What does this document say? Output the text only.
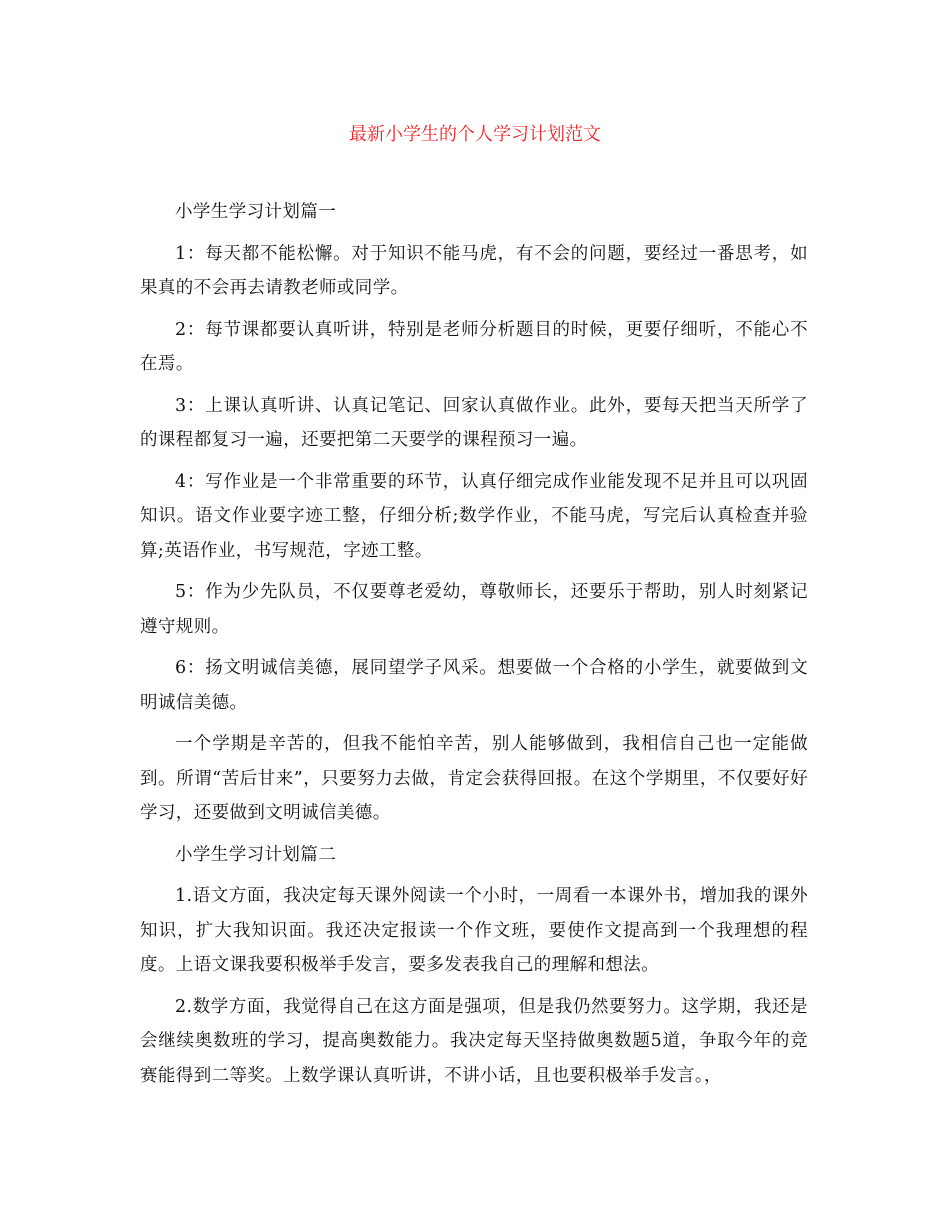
最新小学生的个人学习计划范文

小学生学习计划篇一

1：每天都不能松懈。对于知识不能马虎，有不会的问题，要经过一番思考，如果真的不会再去请教老师或同学。

2：每节课都要认真听讲，特别是老师分析题目的时候，更要仔细听，不能心不在焉。

3：上课认真听讲、认真记笔记、回家认真做作业。此外，要每天把当天所学了的课程都复习一遍，还要把第二天要学的课程预习一遍。

4：写作业是一个非常重要的环节，认真仔细完成作业能发现不足并且可以巩固知识。语文作业要字迹工整，仔细分析;数学作业，不能马虎，写完后认真检查并验算;英语作业，书写规范，字迹工整。

5：作为少先队员，不仅要尊老爱幼，尊敬师长，还要乐于帮助，别人时刻紧记遵守规则。

6：扬文明诚信美德，展同望学子风采。想要做一个合格的小学生，就要做到文明诚信美德。

一个学期是辛苦的，但我不能怕辛苦，别人能够做到，我相信自己也一定能做到。所谓“苦后甘来”，只要努力去做，肯定会获得回报。在这个学期里，不仅要好好学习，还要做到文明诚信美德。

小学生学习计划篇二

1.语文方面，我决定每天课外阅读一个小时，一周看一本课外书，增加我的课外知识，扩大我知识面。我还决定报读一个作文班，要使作文提高到一个我理想的程度。上语文课我要积极举手发言，要多发表我自己的理解和想法。

2.数学方面，我觉得自己在这方面是强项，但是我仍然要努力。这学期，我还是会继续奥数班的学习，提高奥数能力。我决定每天坚持做奥数题5道，争取今年的竞赛能得到二等奖。上数学课认真听讲，不讲小话，且也要积极举手发言。，
